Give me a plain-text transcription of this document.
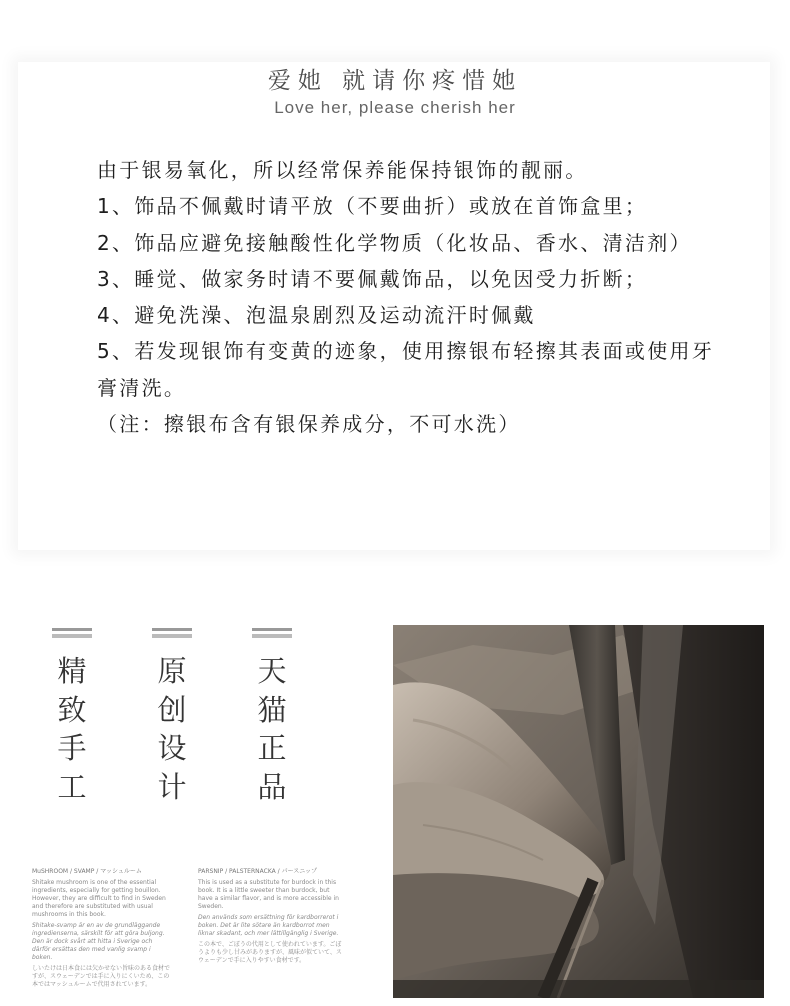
爱她 就请你疼惜她
Love her, please cherish her

由于银易氧化，所以经常保养能保持银饰的靓丽。

1、饰品不佩戴时请平放（不要曲折）或放在首饰盒里；

2、饰品应避免接触酸性化学物质（化妆品、香水、清洁剂）

3、睡觉、做家务时请不要佩戴饰品，以免因受力折断；

4、避免洗澡、泡温泉剧烈及运动流汗时佩戴

5、若发现银饰有变黄的迹象，使用擦银布轻擦其表面或使用牙膏清洗。

（注：擦银布含有银保养成分，不可水洗）

精
致
手
工
原
创
设
计
天
猫
正
品
MuSHROOM / SVAMP / マッシュルーム
Shitake mushroom is one of the essential ingredients, especially for getting bouillon. However, they are difficult to find in Sweden and therefore are substituted with usual mushrooms in this book.
Shitake-svamp är en av de grundläggande ingredienserna, särskilt för att göra buljong. Den är dock svårt att hitta i Sverige och därför ersättas den med vanlig svamp i boken.
しいたけは日本食には欠かせない旨味のある食材ですが、スウェーデンでは手に入りにくいため、この本ではマッシュルームで代用されています。
PARSNIP / PALSTERNACKA / パースニップ
This is used as a substitute for burdock in this book. It is a little sweeter than burdock, but have a similar flavor, and is more accessible in Sweden.
Den används som ersättning för kardborrerot i boken. Det är lite sötare än kardborrot men liknar skadant, och mer lättillgänglig i Sverige.
この本で、ごぼうの代用として使われています。ごぼうよりも少し甘みがありますが、風味が似ていて、スウェーデンで手に入りやすい食材です。
